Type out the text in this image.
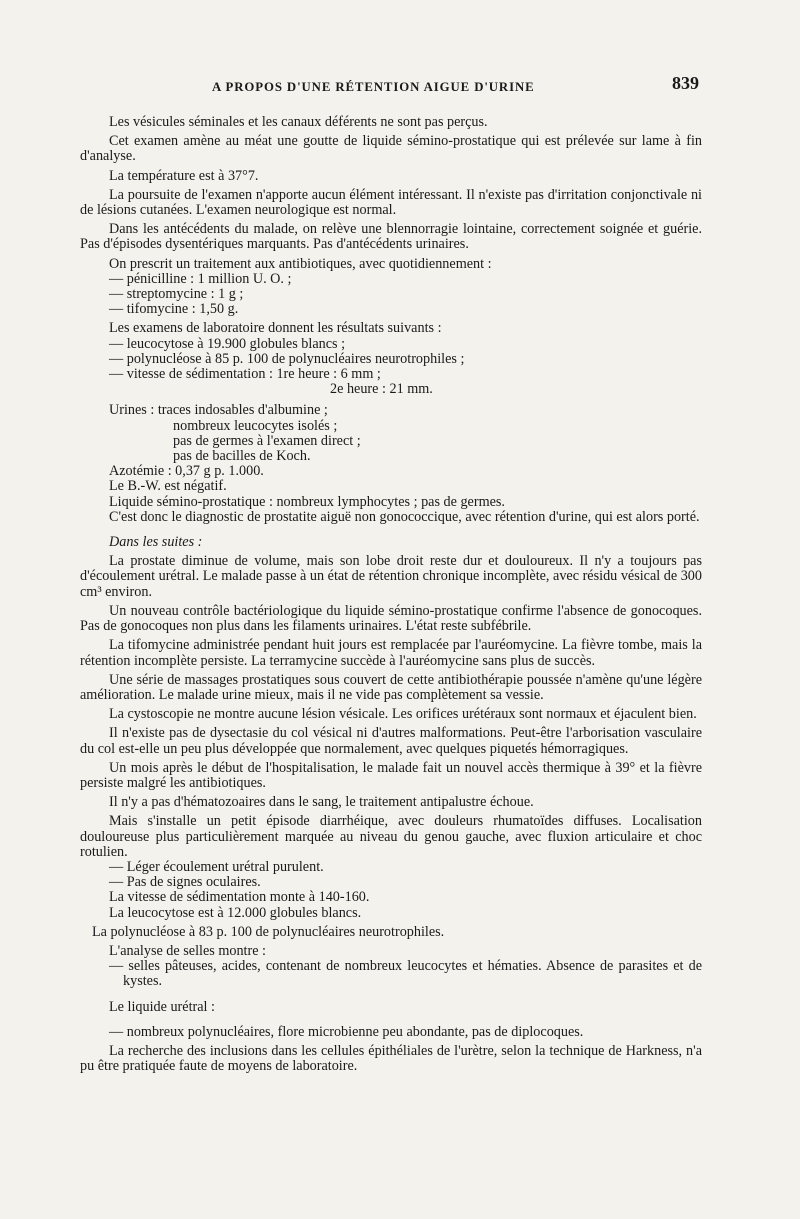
A PROPOS D'UNE RÉTENTION AIGUE D'URINE	839

Les vésicules séminales et les canaux déférents ne sont pas perçus.

Cet examen amène au méat une goutte de liquide sémino-prostatique qui est prélevée sur lame à fin d'analyse.

La température est à 37°7.

La poursuite de l'examen n'apporte aucun élément intéressant. Il n'existe pas d'irritation conjonctivale ni de lésions cutanées. L'examen neurologique est normal.

Dans les antécédents du malade, on relève une blennorragie lointaine, correctement soignée et guérie. Pas d'épisodes dysentériques marquants. Pas d'antécédents urinaires.

On prescrit un traitement aux antibiotiques, avec quotidiennement :

— pénicilline : 1 million U. O. ;

— streptomycine : 1 g ;

— tifomycine : 1,50 g.

Les examens de laboratoire donnent les résultats suivants :

— leucocytose à 19.900 globules blancs ;

— polynucléose à 85 p. 100 de polynucléaires neurotrophiles ;

— vitesse de sédimentation : 1re heure : 6 mm ;

2e heure : 21 mm.

Urines : traces indosables d'albumine ;

nombreux leucocytes isolés ;

pas de germes à l'examen direct ;

pas de bacilles de Koch.

Azotémie : 0,37 g p. 1.000.

Le B.-W. est négatif.

Liquide sémino-prostatique : nombreux lymphocytes ; pas de germes.

C'est donc le diagnostic de prostatite aiguë non gonococcique, avec rétention d'urine, qui est alors porté.

Dans les suites :

La prostate diminue de volume, mais son lobe droit reste dur et douloureux. Il n'y a toujours pas d'écoulement urétral. Le malade passe à un état de rétention chronique incomplète, avec résidu vésical de 300 cm³ environ.

Un nouveau contrôle bactériologique du liquide sémino-prostatique confirme l'absence de gonocoques. Pas de gonocoques non plus dans les filaments urinaires. L'état reste subfébrile.

La tifomycine administrée pendant huit jours est remplacée par l'auréomycine. La fièvre tombe, mais la rétention incomplète persiste. La terramycine succède à l'auréomycine sans plus de succès.

Une série de massages prostatiques sous couvert de cette antibiothérapie poussée n'amène qu'une légère amélioration. Le malade urine mieux, mais il ne vide pas complètement sa vessie.

La cystoscopie ne montre aucune lésion vésicale. Les orifices urétéraux sont normaux et éjaculent bien.

Il n'existe pas de dysectasie du col vésical ni d'autres malformations. Peut-être l'arborisation vasculaire du col est-elle un peu plus développée que normalement, avec quelques piquetés hémorragiques.

Un mois après le début de l'hospitalisation, le malade fait un nouvel accès thermique à 39° et la fièvre persiste malgré les antibiotiques.

Il n'y a pas d'hématozoaires dans le sang, le traitement antipalustre échoue.

Mais s'installe un petit épisode diarrhéique, avec douleurs rhumatoïdes diffuses. Localisation douloureuse plus particulièrement marquée au niveau du genou gauche, avec fluxion articulaire et choc rotulien.

— Léger écoulement urétral purulent.

— Pas de signes oculaires.

La vitesse de sédimentation monte à 140-160.

La leucocytose est à 12.000 globules blancs.

La polynucléose à 83 p. 100 de polynucléaires neurotrophiles.

L'analyse de selles montre :

— selles pâteuses, acides, contenant de nombreux leucocytes et hématies. Absence de parasites et de kystes.

Le liquide urétral :

— nombreux polynucléaires, flore microbienne peu abondante, pas de diplocoques.

La recherche des inclusions dans les cellules épithéliales de l'urètre, selon la technique de Harkness, n'a pu être pratiquée faute de moyens de laboratoire.
